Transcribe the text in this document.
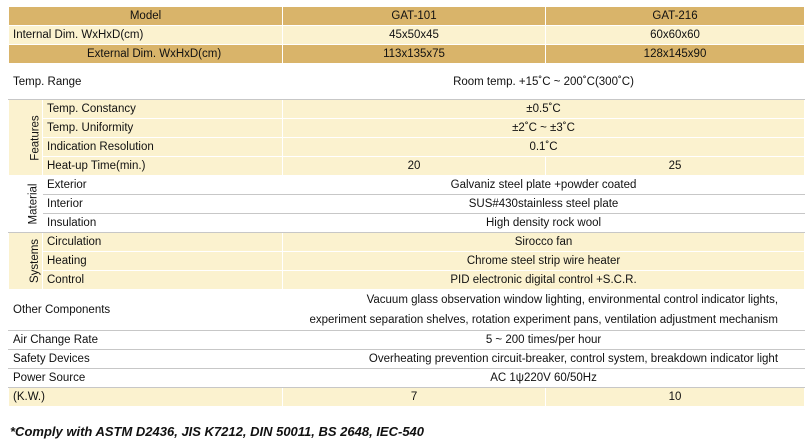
Model		GAT-101	GAT-216
Internal Dim. WxHxD(cm)		45x50x45	60x60x60
External Dim. WxHxD(cm)		113x135x75	128x145x90
Temp. Range		Room temp. +15˚C ~ 200˚C(300˚C)	
Features	Temp. Constancy	±0.5˚C	
	Temp. Uniformity	±2˚C ~ ±3˚C	
	Indication Resolution	0.1˚C	
	Heat-up Time(min.)	20	25
Material	Exterior	Galvaniz steel plate +powder coated	
	Interior	SUS#430stainless steel plate	
	Insulation	High density rock wool	
Systems	Circulation	Sirocco fan	
	Heating	Chrome steel strip wire heater	
	Control	PID electronic digital control +S.C.R.	
Other Components		Vacuum glass observation window lighting, environmental control indicator lights,
experiment separation shelves, rotation experiment pans, ventilation adjustment mechanism	

Air Change Rate		5 ~ 200 times/per hour	
Safety Devices		Overheating prevention circuit-breaker, control system, breakdown indicator light	
Power Source		AC 1ψ220V 60/50Hz	
(K.W.)		7	10
*Comply with ASTM D2436, JIS K7212, DIN 50011, BS 2648, IEC-540
